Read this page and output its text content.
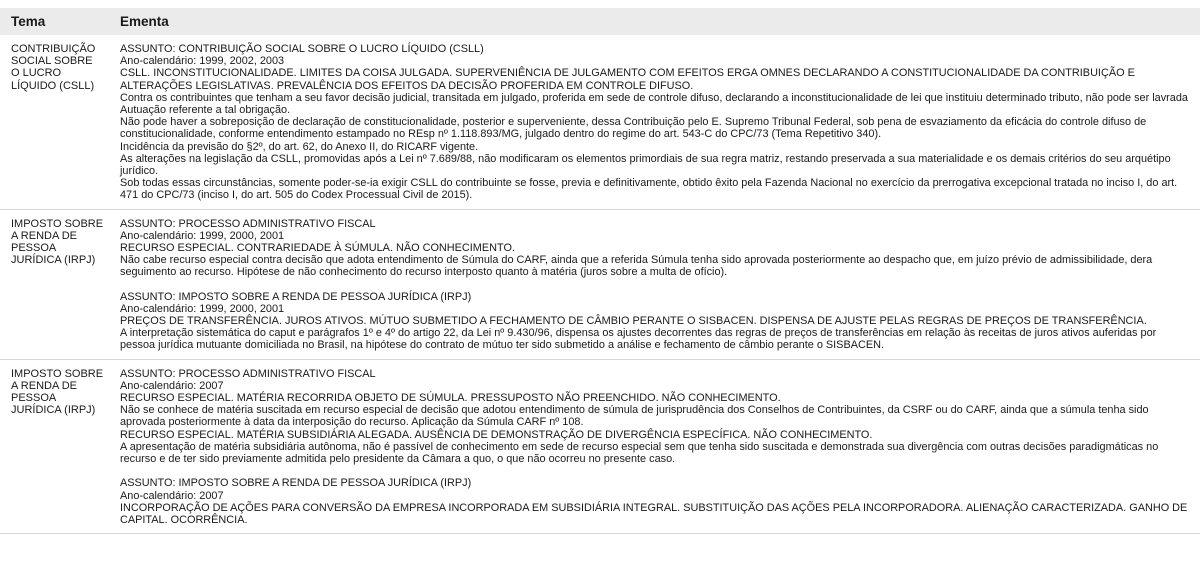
Tema	Ementa
CONTRIBUIÇÃO SOCIAL SOBRE O LUCRO LÍQUIDO (CSLL)
ASSUNTO: CONTRIBUIÇÃO SOCIAL SOBRE O LUCRO LÍQUIDO (CSLL)
Ano-calendário: 1999, 2002, 2003
CSLL. INCONSTITUCIONALIDADE. LIMITES DA COISA JULGADA. SUPERVENIÊNCIA DE JULGAMENTO COM EFEITOS ERGA OMNES DECLARANDO A CONSTITUCIONALIDADE DA CONTRIBUIÇÃO E ALTERAÇÕES LEGISLATIVAS. PREVALÊNCIA DOS EFEITOS DA DECISÃO PROFERIDA EM CONTROLE DIFUSO.
Contra os contribuintes que tenham a seu favor decisão judicial, transitada em julgado, proferida em sede de controle difuso, declarando a inconstitucionalidade de lei que instituiu determinado tributo, não pode ser lavrada Autuação referente a tal obrigação.
Não pode haver a sobreposição de declaração de constitucionalidade, posterior e superveniente, dessa Contribuição pelo E. Supremo Tribunal Federal, sob pena de esvaziamento da eficácia do controle difuso de constitucionalidade, conforme entendimento estampado no REsp nº 1.118.893/MG, julgado dentro do regime do art. 543-C do CPC/73 (Tema Repetitivo 340).
Incidência da previsão do §2º, do art. 62, do Anexo II, do RICARF vigente.
As alterações na legislação da CSLL, promovidas após a Lei nº 7.689/88, não modificaram os elementos primordiais de sua regra matriz, restando preservada a sua materialidade e os demais critérios do seu arquétipo jurídico.
Sob todas essas circunstâncias, somente poder-se-ia exigir CSLL do contribuinte se fosse, previa e definitivamente, obtido êxito pela Fazenda Nacional no exercício da prerrogativa excepcional tratada no inciso I, do art. 471 do CPC/73 (inciso I, do art. 505 do Codex Processual Civil de 2015).
IMPOSTO SOBRE A RENDA DE PESSOA JURÍDICA (IRPJ)
ASSUNTO: PROCESSO ADMINISTRATIVO FISCAL
Ano-calendário: 1999, 2000, 2001
RECURSO ESPECIAL. CONTRARIEDADE À SÚMULA. NÃO CONHECIMENTO.
Não cabe recurso especial contra decisão que adota entendimento de Súmula do CARF, ainda que a referida Súmula tenha sido aprovada posteriormente ao despacho que, em juízo prévio de admissibilidade, dera seguimento ao recurso. Hipótese de não conhecimento do recurso interposto quanto à matéria (juros sobre a multa de ofício).
ASSUNTO: IMPOSTO SOBRE A RENDA DE PESSOA JURÍDICA (IRPJ)
Ano-calendário: 1999, 2000, 2001
PREÇOS DE TRANSFERÊNCIA. JUROS ATIVOS. MÚTUO SUBMETIDO A FECHAMENTO DE CÂMBIO PERANTE O SISBACEN. DISPENSA DE AJUSTE PELAS REGRAS DE PREÇOS DE TRANSFERÊNCIA.
A interpretação sistemática do caput e parágrafos 1º e 4º do artigo 22, da Lei nº 9.430/96, dispensa os ajustes decorrentes das regras de preços de transferências em relação às receitas de juros ativos auferidas por pessoa jurídica mutuante domiciliada no Brasil, na hipótese do contrato de mútuo ter sido submetido a análise e fechamento de câmbio perante o SISBACEN.
IMPOSTO SOBRE A RENDA DE PESSOA JURÍDICA (IRPJ)
ASSUNTO: PROCESSO ADMINISTRATIVO FISCAL
Ano-calendário: 2007
RECURSO ESPECIAL. MATÉRIA RECORRIDA OBJETO DE SÚMULA. PRESSUPOSTO NÃO PREENCHIDO. NÃO CONHECIMENTO.
Não se conhece de matéria suscitada em recurso especial de decisão que adotou entendimento de súmula de jurisprudência dos Conselhos de Contribuintes, da CSRF ou do CARF, ainda que a súmula tenha sido aprovada posteriormente à data da interposição do recurso. Aplicação da Súmula CARF nº 108.
RECURSO ESPECIAL. MATÉRIA SUBSIDIÁRIA ALEGADA. AUSÊNCIA DE DEMONSTRAÇÃO DE DIVERGÊNCIA ESPECÍFICA. NÃO CONHECIMENTO.
A apresentação de matéria subsidiária autônoma, não é passível de conhecimento em sede de recurso especial sem que tenha sido suscitada e demonstrada sua divergência com outras decisões paradigmáticas no recurso e de ter sido previamente admitida pelo presidente da Câmara a quo, o que não ocorreu no presente caso.
ASSUNTO: IMPOSTO SOBRE A RENDA DE PESSOA JURÍDICA (IRPJ)
Ano-calendário: 2007
INCORPORAÇÃO DE AÇÕES PARA CONVERSÃO DA EMPRESA INCORPORADA EM SUBSIDIÁRIA INTEGRAL. SUBSTITUIÇÃO DAS AÇÕES PELA INCORPORADORA. ALIENAÇÃO CARACTERIZADA. GANHO DE CAPITAL. OCORRÊNCIA.
